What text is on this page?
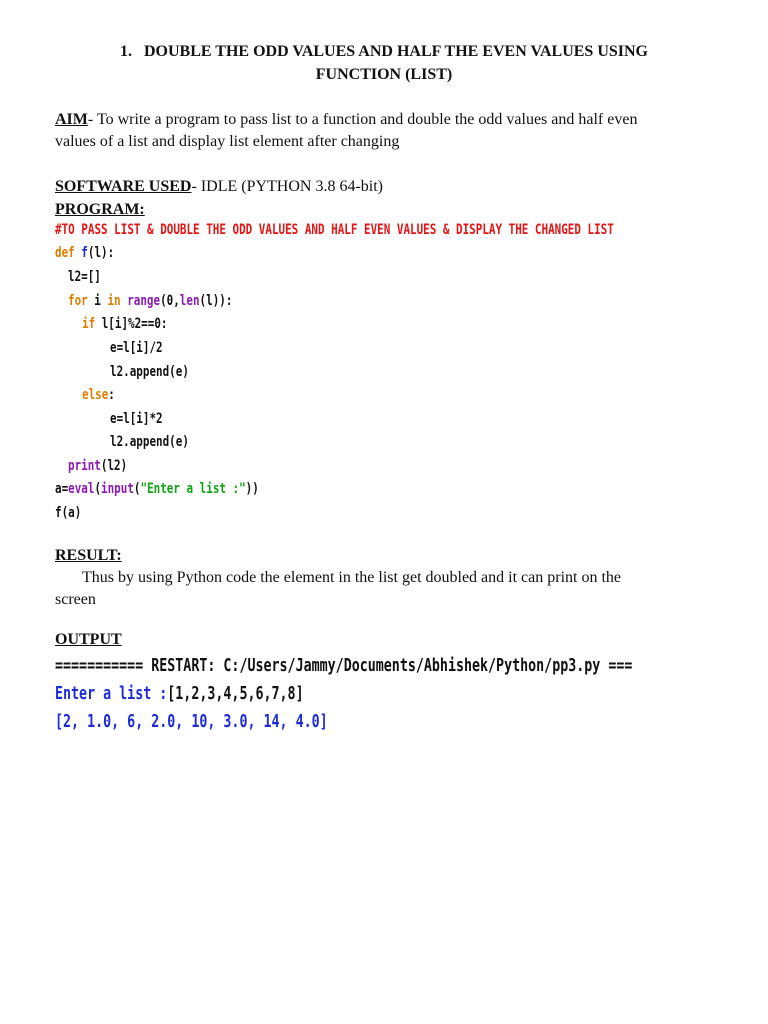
1. DOUBLE THE ODD VALUES AND HALF THE EVEN VALUES USING
FUNCTION (LIST)
AIM- To write a program to pass list to a function and double the odd values and half even
values of a list and display list element after changing
SOFTWARE USED- IDLE (PYTHON 3.8 64-bit)
PROGRAM:
#TO PASS LIST & DOUBLE THE ODD VALUES AND HALF EVEN VALUES & DISPLAY THE CHANGED LIST
def f(l):
l2=[]
for i in range(0,len(l)):
if l[i]%2==0:
e=l[i]/2
l2.append(e)
else:
e=l[i]*2
l2.append(e)
print(l2)
a=eval(input("Enter a list :"))
f(a)
RESULT:
Thus by using Python code the element in the list get doubled and it can print on the
screen
OUTPUT
=========== RESTART: C:/Users/Jammy/Documents/Abhishek/Python/pp3.py ===
Enter a list :[1,2,3,4,5,6,7,8]
[2, 1.0, 6, 2.0, 10, 3.0, 14, 4.0]
